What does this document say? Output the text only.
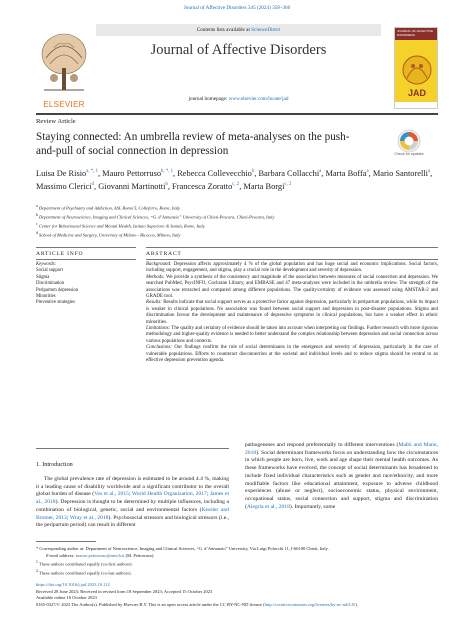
Journal of Affective Disorders 345 (2024) 358–366
ELSEVIER
Contents lists available at ScienceDirect
Journal of Affective Disorders
journal homepage: www.elsevier.com/locate/jad
JOURNAL OF AFFECTIVE DISORDERS
JAD
Review Article
Staying connected: An umbrella review of meta-analyses on the push-and-pull of social connection in depression	Check for updates
Luisa De Risio$^{a, *, 1}$, Mauro Pettorruso$^{b, *, 1}$, Rebecca Collevecchio$^b$, Barbara Collacchi$^a$, Marta Boffa$^a$, Mario Santorelli$^a$, Massimo Clerici$^d$, Giovanni Martinotti$^b$, Francesca Zoratto$^{c, 2}$, Marta Borgi$^{c, 2}$
$^a$ Department of Psychiatry and Addiction, ASL Roma 5, Colleferro, Rome, Italy
$^b$ Department of Neuroscience, Imaging and Clinical Sciences, “G. d’Annunzio” University of Chieti-Pescara, Chieti-Pescara, Italy
$^c$ Center for Behavioural Science and Mental Health, Istituto Superiore di Sanità, Rome, Italy
$^d$ School of Medicine and Surgery, University of Milano - Bicocca, Milano, Italy
ARTICLE INFO	ABSTRACT
Keywords:
Social support
Stigma
Discrimination
Peripartum depression
Minorities
Preventive strategies
Background: Depression affects approximately 4 % of the global population and has huge social and economic implications. Social factors, including support, engagement, and stigma, play a crucial role in the development and severity of depression.
Methods: We provide a synthesis of the consistency and magnitude of the association between measures of social connection and depression. We searched PubMed, PsycINFO, Cochrane Library, and EMBASE and 47 meta-analyses were included in the umbrella review. The strength of the associations was extracted and compared among different populations. The quality/certainty of evidence was assessed using AMSTAR-2 and GRADE tool.
Results: Results indicate that social support serves as a protective factor against depression, particularly in peripartum populations, while its impact is weaker in clinical populations. No association was found between social support and depression in post-disaster populations. Stigma and discrimination favour the development and maintenance of depressive symptoms in clinical populations, but have a weaker effect in ethnic minorities.
Limitations: The quality and certainty of evidence should be taken into account when interpreting our findings. Further research with more rigorous methodology and higher-quality evidence is needed to better understand the complex relationship between depression and social connection across various populations and contexts.
Conclusions: Our findings confirm the role of social determinants in the emergence and severity of depression, particularly in the case of vulnerable populations. Efforts to counteract disconnection at the societal and individual levels and to reduce stigma should be central to an effective depression prevention agenda.
1. Introduction
The global prevalence rate of depression is estimated to be around 4.4 %, making it a leading cause of disability worldwide and a significant contributor to the overall global burden of disease (Vos et al., 2015; World Health Organization, 2017; James et al., 2018). Depression is thought to be determined by multiple influences, including a combination of biological, genetic, social and environmental factors (Kessler and Bromet, 2013; Wray et al., 2018). Psychosocial stressors and biological stressors (i.e., the peripartum period) can result in different
pathogeneses and respond preferentially to different interventions (Malhi and Mann, 2018). Social determinant frameworks focus on understanding how the circumstances in which people are born, live, work and age shape their mental health outcomes. As these frameworks have evolved, the concept of social determinants has broadened to include fixed individual characteristics such as gender and race/ethnicity, and more modifiable factors like educational attainment, exposure to adverse childhood experiences (abuse or neglect), socioeconomic status, physical environment, occupational status, social connection and support, stigma and discrimination (Alegria et al., 2018). Importantly, some
* Corresponding author at: Department of Neuroscience, Imaging and Clinical Sciences, “G. d’Annunzio” University, Via Luigi Polacchi 11, I-66100 Chieti, Italy.
E-mail address: mauro.pettorruso@unich.it (M. Pettorruso).
$^1$ These authors contributed equally (co-first authors).
$^2$ These authors contributed equally (co-last authors).
https://doi.org/10.1016/j.jad.2023.10.112
Received 28 June 2023; Received in revised form 18 September 2023; Accepted 15 October 2023
Available online 16 October 2023
0165-0327/© 2023 The Author(s). Published by Elsevier B.V. This is an open access article under the CC BY-NC-ND license (http://creativecommons.org/licenses/by-nc-nd/4.0/).
